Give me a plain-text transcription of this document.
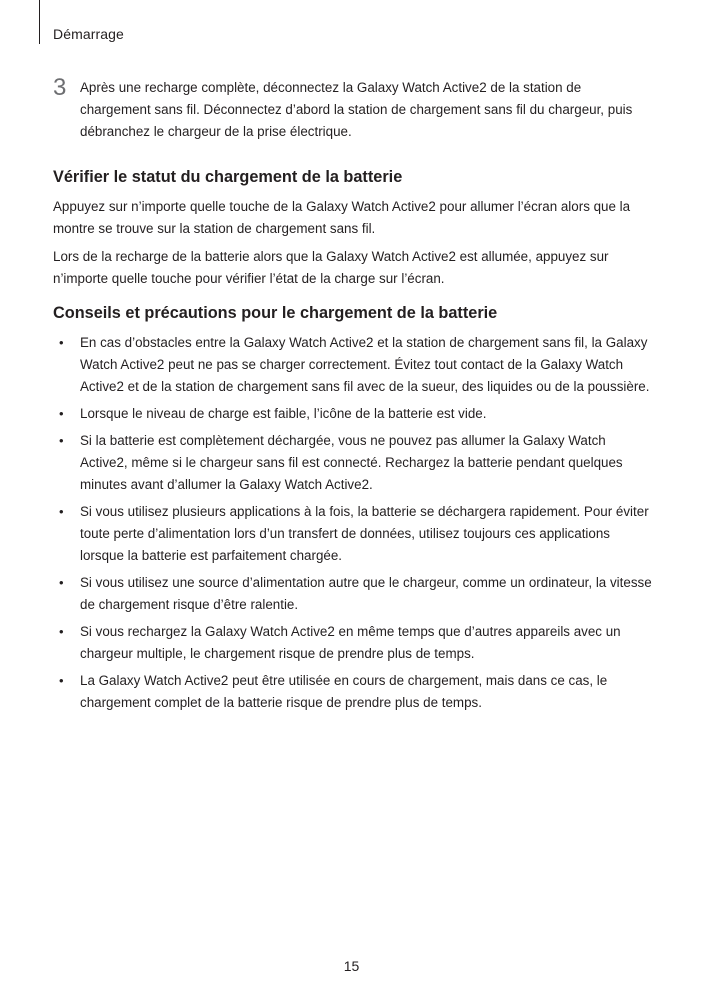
Démarrage
3 Après une recharge complète, déconnectez la Galaxy Watch Active2 de la station de chargement sans fil. Déconnectez d’abord la station de chargement sans fil du chargeur, puis débranchez le chargeur de la prise électrique.
Vérifier le statut du chargement de la batterie

Appuyez sur n’importe quelle touche de la Galaxy Watch Active2 pour allumer l’écran alors que la montre se trouve sur la station de chargement sans fil.

Lors de la recharge de la batterie alors que la Galaxy Watch Active2 est allumée, appuyez sur n’importe quelle touche pour vérifier l’état de la charge sur l’écran.

Conseils et précautions pour le chargement de la batterie
• En cas d’obstacles entre la Galaxy Watch Active2 et la station de chargement sans fil, la Galaxy Watch Active2 peut ne pas se charger correctement. Évitez tout contact de la Galaxy Watch Active2 et de la station de chargement sans fil avec de la sueur, des liquides ou de la poussière.
• Lorsque le niveau de charge est faible, l’icône de la batterie est vide.
• Si la batterie est complètement déchargée, vous ne pouvez pas allumer la Galaxy Watch Active2, même si le chargeur sans fil est connecté. Rechargez la batterie pendant quelques minutes avant d’allumer la Galaxy Watch Active2.
• Si vous utilisez plusieurs applications à la fois, la batterie se déchargera rapidement. Pour éviter toute perte d’alimentation lors d’un transfert de données, utilisez toujours ces applications lorsque la batterie est parfaitement chargée.
• Si vous utilisez une source d’alimentation autre que le chargeur, comme un ordinateur, la vitesse de chargement risque d’être ralentie.
• Si vous rechargez la Galaxy Watch Active2 en même temps que d’autres appareils avec un chargeur multiple, le chargement risque de prendre plus de temps.
• La Galaxy Watch Active2 peut être utilisée en cours de chargement, mais dans ce cas, le chargement complet de la batterie risque de prendre plus de temps.
15
